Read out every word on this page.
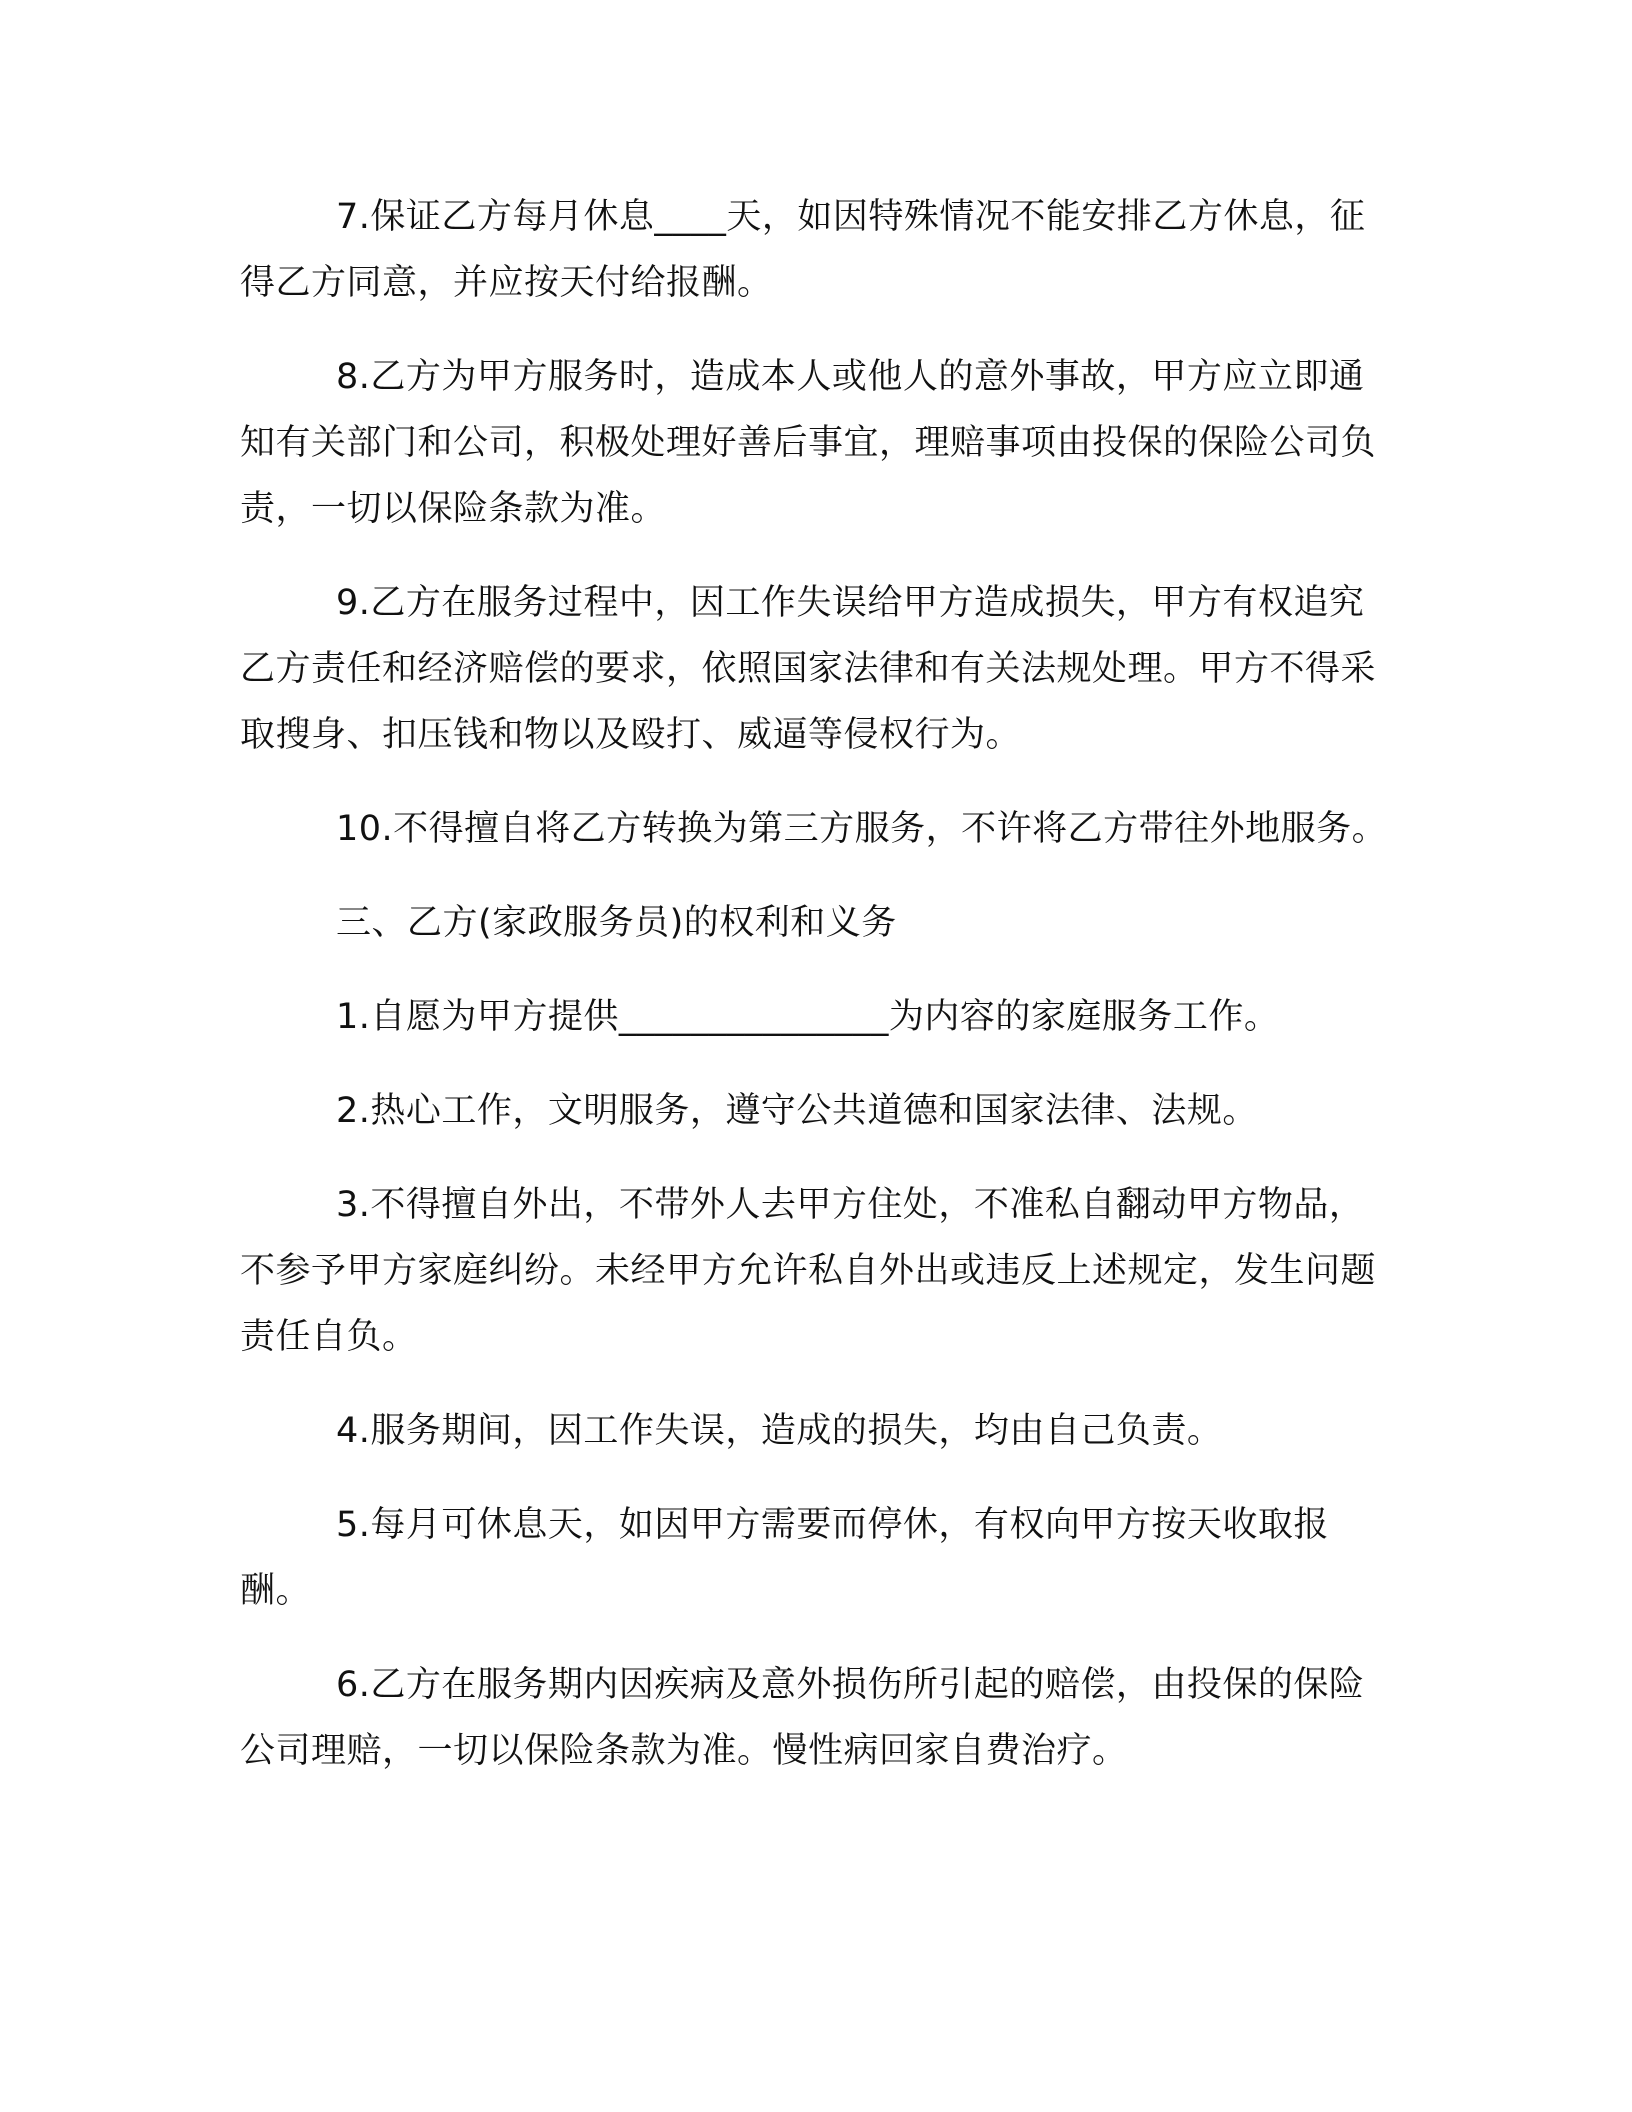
7.保证乙方每月休息____天，如因特殊情况不能安排乙方休息，征得乙方同意，并应按天付给报酬。

8.乙方为甲方服务时，造成本人或他人的意外事故，甲方应立即通知有关部门和公司，积极处理好善后事宜，理赔事项由投保的保险公司负责，一切以保险条款为准。

9.乙方在服务过程中，因工作失误给甲方造成损失，甲方有权追究乙方责任和经济赔偿的要求，依照国家法律和有关法规处理。甲方不得采取搜身、扣压钱和物以及殴打、威逼等侵权行为。

10.不得擅自将乙方转换为第三方服务，不许将乙方带往外地服务。

三、乙方(家政服务员)的权利和义务

1.自愿为甲方提供_______________为内容的家庭服务工作。

2.热心工作，文明服务，遵守公共道德和国家法律、法规。

3.不得擅自外出，不带外人去甲方住处，不准私自翻动甲方物品，不参予甲方家庭纠纷。未经甲方允许私自外出或违反上述规定，发生问题责任自负。

4.服务期间，因工作失误，造成的损失，均由自己负责。

5.每月可休息天，如因甲方需要而停休，有权向甲方按天收取报酬。

6.乙方在服务期内因疾病及意外损伤所引起的赔偿，由投保的保险公司理赔，一切以保险条款为准。慢性病回家自费治疗。
